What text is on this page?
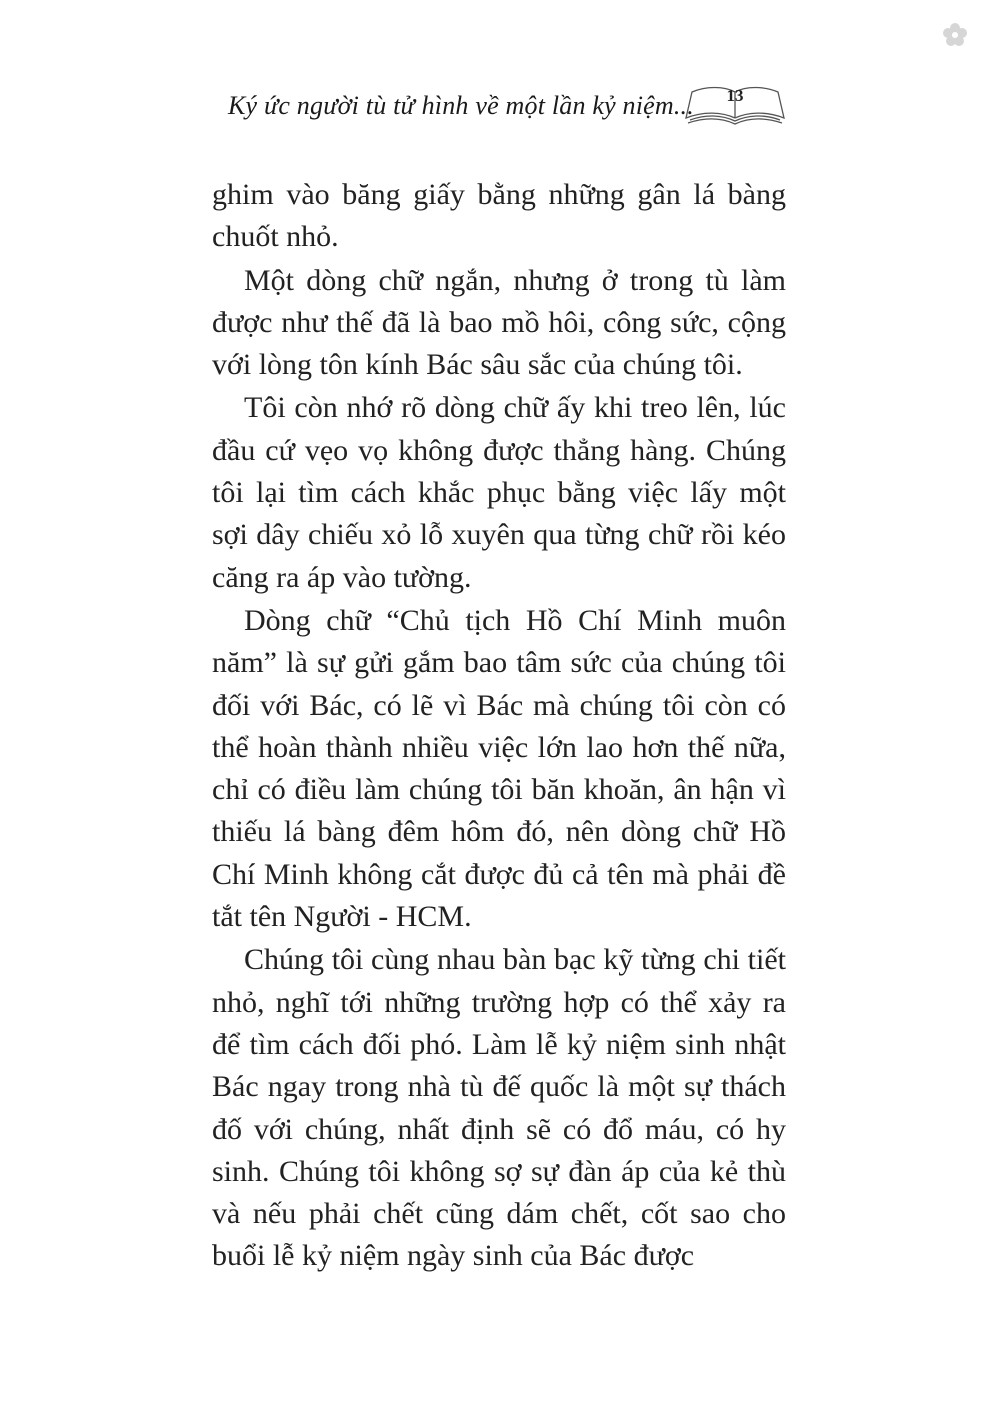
Ký ức người tù tử hình về một lần kỷ niệm...	13

ghim vào băng giấy bằng những gân lá bàng chuốt nhỏ.

Một dòng chữ ngắn, nhưng ở trong tù làm được như thế đã là bao mồ hôi, công sức, cộng với lòng tôn kính Bác sâu sắc của chúng tôi.

Tôi còn nhớ rõ dòng chữ ấy khi treo lên, lúc đầu cứ vẹo vọ không được thẳng hàng. Chúng tôi lại tìm cách khắc phục bằng việc lấy một sợi dây chiếu xỏ lỗ xuyên qua từng chữ rồi kéo căng ra áp vào tường.

Dòng chữ “Chủ tịch Hồ Chí Minh muôn năm” là sự gửi gắm bao tâm sức của chúng tôi đối với Bác, có lẽ vì Bác mà chúng tôi còn có thể hoàn thành nhiều việc lớn lao hơn thế nữa, chỉ có điều làm chúng tôi băn khoăn, ân hận vì thiếu lá bàng đêm hôm đó, nên dòng chữ Hồ Chí Minh không cắt được đủ cả tên mà phải đề tắt tên Người - HCM.

Chúng tôi cùng nhau bàn bạc kỹ từng chi tiết nhỏ, nghĩ tới những trường hợp có thể xảy ra để tìm cách đối phó. Làm lễ kỷ niệm sinh nhật Bác ngay trong nhà tù đế quốc là một sự thách đố với chúng, nhất định sẽ có đổ máu, có hy sinh. Chúng tôi không sợ sự đàn áp của kẻ thù và nếu phải chết cũng dám chết, cốt sao cho buổi lễ kỷ niệm ngày sinh của Bác được
